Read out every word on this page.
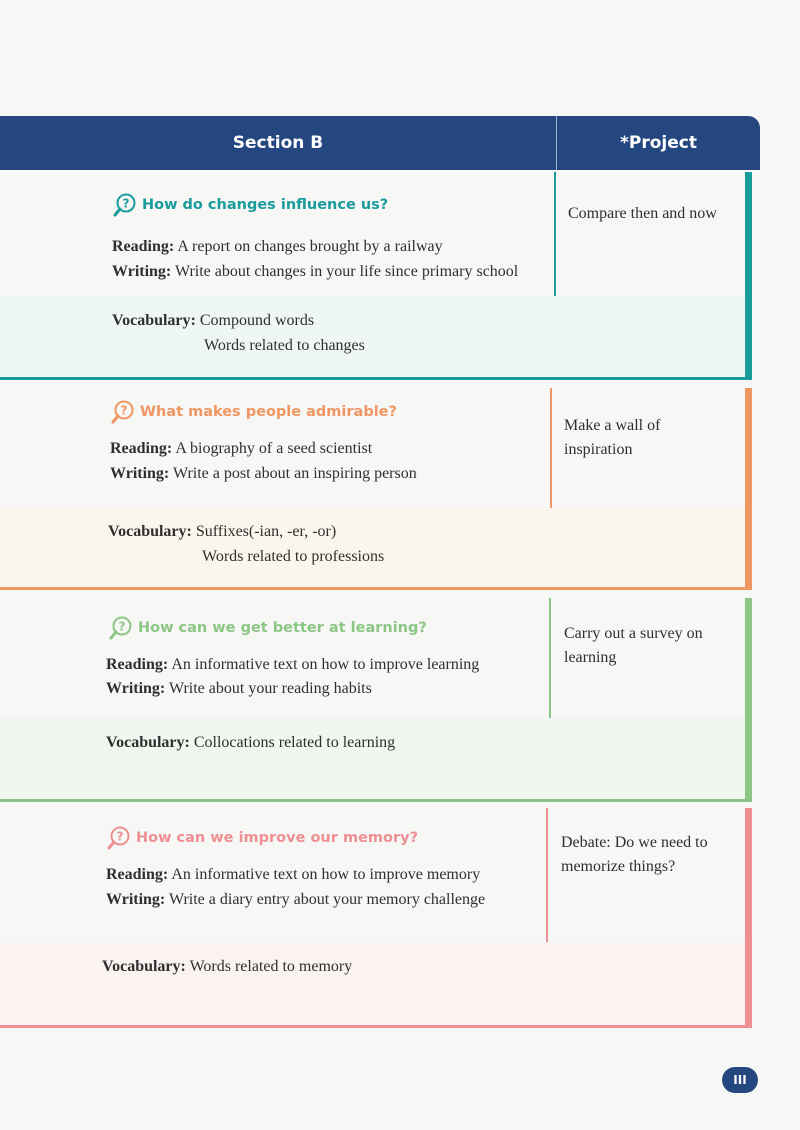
Section B	*Project
? How do changes influence us?
Reading: A report on changes brought by a railway
Writing: Write about changes in your life since primary school
Vocabulary: Compound words
Words related to changes
Compare then and now
? What makes people admirable?
Reading: A biography of a seed scientist
Writing: Write a post about an inspiring person
Vocabulary: Suffixes(-ian, -er, -or)
Words related to professions
Make a wall of inspiration
? How can we get better at learning?
Reading: An informative text on how to improve learning
Writing: Write about your reading habits
Vocabulary: Collocations related to learning
Carry out a survey on learning
? How can we improve our memory?
Reading: An informative text on how to improve memory
Writing: Write a diary entry about your memory challenge
Vocabulary: Words related to memory
Debate: Do we need to memorize things?
III
